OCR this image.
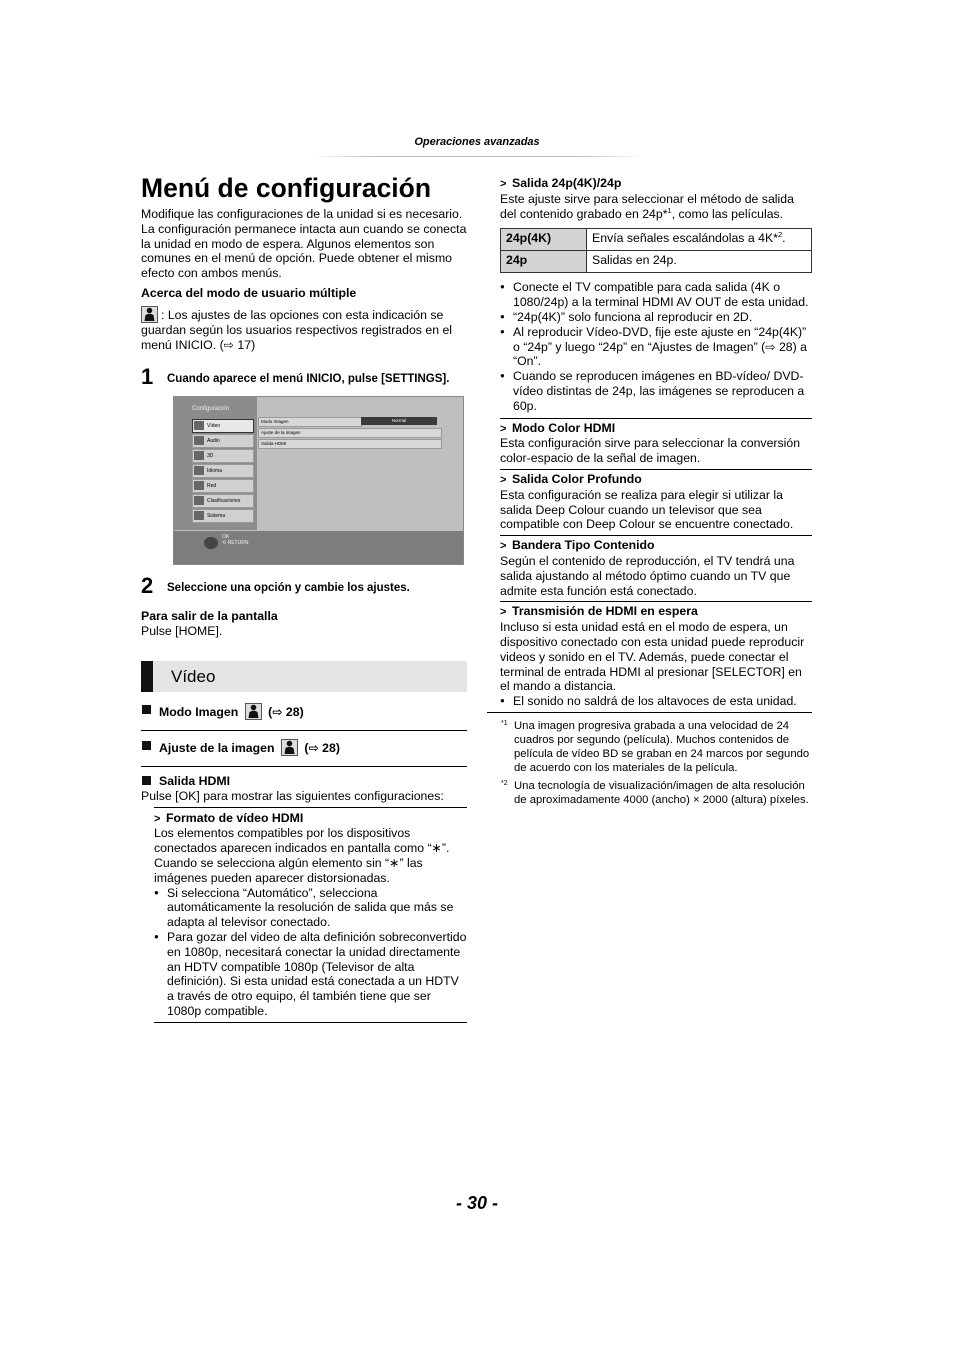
Operaciones avanzadas
Menú de configuración

Modifique las configuraciones de la unidad si es necesario. La configuración permanece intacta aun cuando se conecta la unidad en modo de espera. Algunos elementos son comunes en el menú de opción. Puede obtener el mismo efecto con ambos menús.

Acerca del modo de usuario múltiple

: Los ajustes de las opciones con esta indicación se guardan según los usuarios respectivos registrados en el menú INICIO. (⇨ 17)

1	Cuando aparece el menú INICIO, pulse [SETTINGS].
Configuración
Vídeo
Audio
3D
Idioma
Red
Clasificaciones
Sistema
Modo Imagen	Normal
Ajuste de la imagen
Salida HDMI
OK
⟲ RETURN
2	Seleccione una opción y cambie los ajustes.

Para salir de la pantalla

Pulse [HOME].

Vídeo
Modo Imagen (⇨ 28)
Ajuste de la imagen (⇨ 28)
Salida HDMI

Pulse [OK] para mostrar las siguientes configuraciones:

> Formato de vídeo HDMI

Los elementos compatibles por los dispositivos conectados aparecen indicados en pantalla como “∗”. Cuando se selecciona algún elemento sin “∗” las imágenes pueden aparecer distorsionadas.

● Si selecciona “Automático”, selecciona automáticamente la resolución de salida que más se adapta al televisor conectado.
● Para gozar del video de alta definición sobreconvertido en 1080p, necesitará conectar la unidad directamente an HDTV compatible 1080p (Televisor de alta definición). Si esta unidad está conectada a un HDTV a través de otro equipo, él también tiene que ser 1080p compatible.

> Salida 24p(4K)/24p

Este ajuste sirve para seleccionar el método de salida del contenido grabado en 24p*$^1$, como las películas.

24p(4K)	Envía señales escalándolas a 4K*$^2$.
24p	Salidas en 24p.
● Conecte el TV compatible para cada salida (4K o 1080/24p) a la terminal HDMI AV OUT de esta unidad.
● “24p(4K)” solo funciona al reproducir en 2D.
● Al reproducir Vídeo-DVD, fije este ajuste en “24p(4K)” o “24p” y luego “24p” en “Ajustes de Imagen” (⇨ 28) a “On”.
● Cuando se reproducen imágenes en BD-vídeo/ DVD-vídeo distintas de 24p, las imágenes se reproducen a 60p.

> Modo Color HDMI

Esta configuración sirve para seleccionar la conversión color-espacio de la señal de imagen.

> Salida Color Profundo

Esta configuración se realiza para elegir si utilizar la salida Deep Colour cuando un televisor que sea compatible con Deep Colour se encuentre conectado.

> Bandera Tipo Contenido

Según el contenido de reproducción, el TV tendrá una salida ajustando al método óptimo cuando un TV que admite esta función está conectado.

> Transmisión de HDMI en espera

Incluso si esta unidad está en el modo de espera, un dispositivo conectado con esta unidad puede reproducir videos y sonido en el TV. Además, puede conectar el terminal de entrada HDMI al presionar [SELECTOR] en el mando a distancia.

● El sonido no saldrá de los altavoces de esta unidad.
*1 Una imagen progresiva grabada a una velocidad de 24 cuadros por segundo (película). Muchos contenidos de película de vídeo BD se graban en 24 marcos por segundo de acuerdo con los materiales de la película.
*2 Una tecnología de visualización/imagen de alta resolución de aproximadamente 4000 (ancho) × 2000 (altura) píxeles.
- 30 -
